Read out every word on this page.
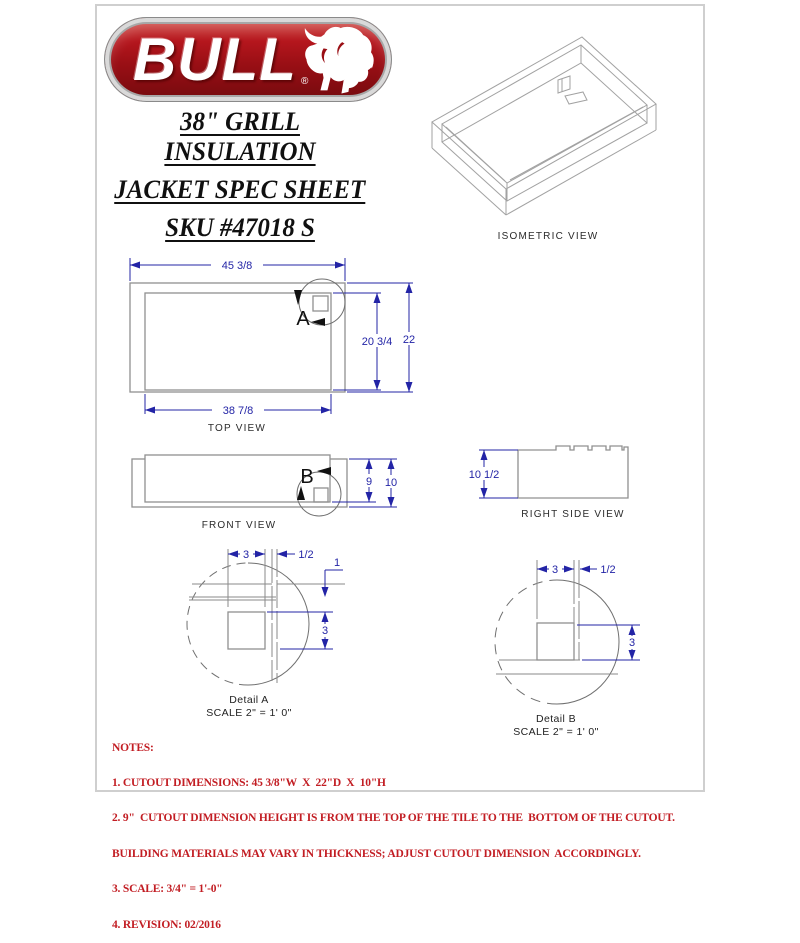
BULL ®
38" GRILL INSULATION
JACKET SPEC SHEET
SKU #47018 S	ISOMETRIC VIEW
45 3/8
38 7/8
20 3/4 22
A
TOP VIEW
B	9 10
FRONT VIEW
10 1/2
RIGHT SIDE VIEW
3	1/2
1
3
Detail A
SCALE 2" = 1' 0"
3	1/2
3
Detail B
SCALE 2" = 1' 0"

NOTES:

1. CUTOUT DIMENSIONS: 45 3/8"W  X  22"D  X  10"H

2. 9"  CUTOUT DIMENSION HEIGHT IS FROM THE TOP OF THE TILE TO THE  BOTTOM OF THE CUTOUT.

BUILDING MATERIALS MAY VARY IN THICKNESS; ADJUST CUTOUT DIMENSION  ACCORDINGLY.

3. SCALE: 3/4" = 1'-0"

4. REVISION: 02/2016
